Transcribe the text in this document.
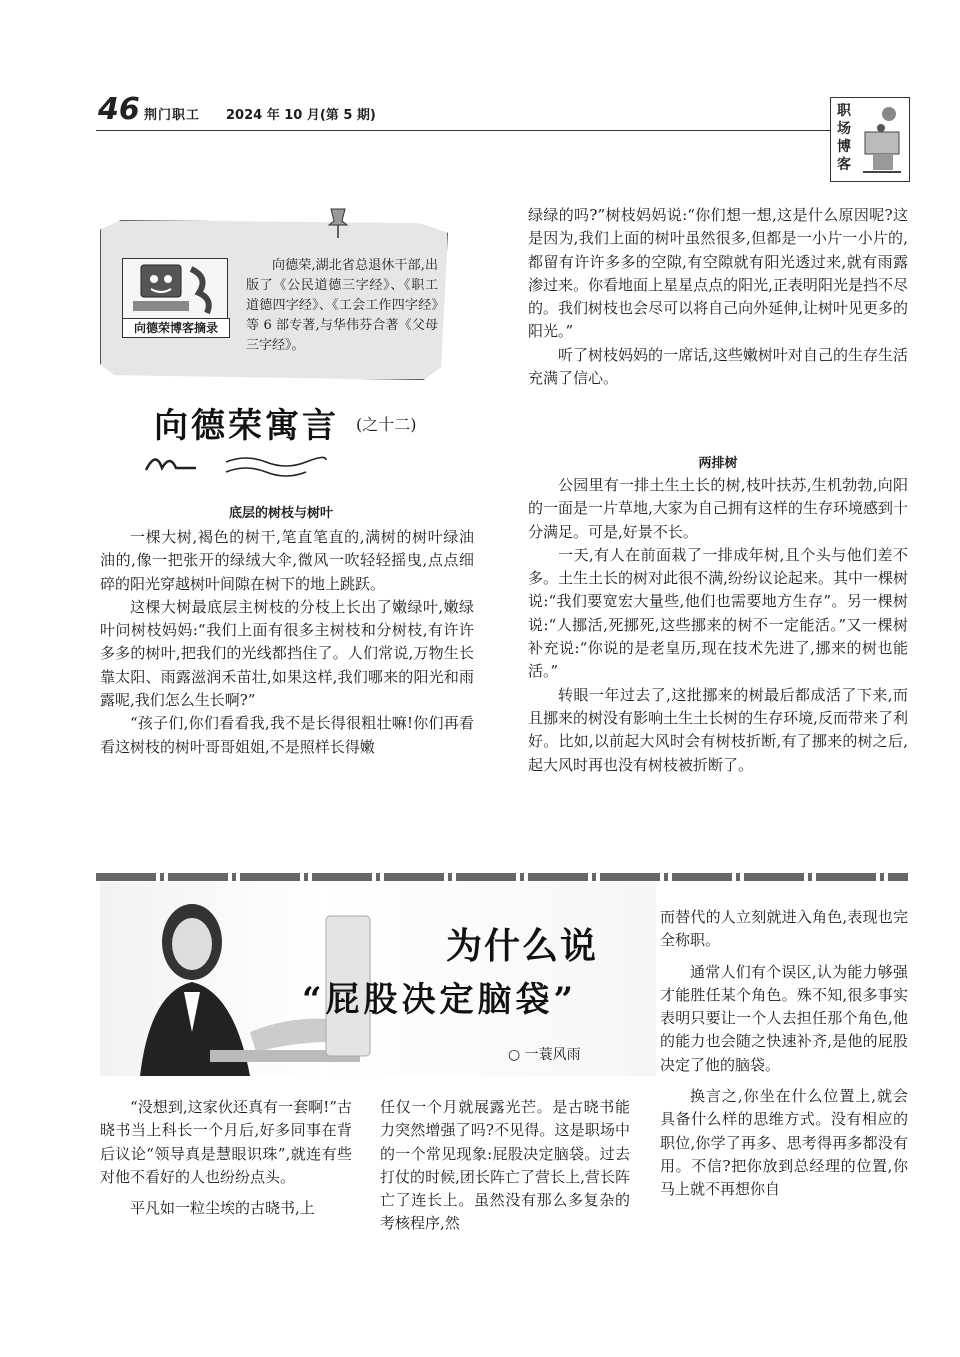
46 荆门职工 2024 年 10 月(第 5 期)	职场博客
向德荣博客摘录
向德荣,湖北省总退休干部,出版了《公民道德三字经》、《职工道德四字经》、《工会工作四字经》等 6 部专著,与华伟芬合著《父母三字经》。
向德荣寓言 (之十二)
底层的树枝与树叶

一棵大树,褐色的树干,笔直笔直的,满树的树叶绿油油的,像一把张开的绿绒大伞,微风一吹轻轻摇曳,点点细碎的阳光穿越树叶间隙在树下的地上跳跃。

这棵大树最底层主树枝的分枝上长出了嫩绿叶,嫩绿叶问树枝妈妈:“我们上面有很多主树枝和分树枝,有许许多多的树叶,把我们的光线都挡住了。人们常说,万物生长靠太阳、雨露滋润禾苗壮,如果这样,我们哪来的阳光和雨露呢,我们怎么生长啊?”

“孩子们,你们看看我,我不是长得很粗壮嘛!你们再看看这树枝的树叶哥哥姐姐,不是照样长得嫩

绿绿的吗?”树枝妈妈说:“你们想一想,这是什么原因呢?这是因为,我们上面的树叶虽然很多,但都是一小片一小片的,都留有许许多多的空隙,有空隙就有阳光透过来,就有雨露渗过来。你看地面上星星点点的阳光,正表明阳光是挡不尽的。我们树枝也会尽可以将自己向外延伸,让树叶见更多的阳光。”

听了树枝妈妈的一席话,这些嫩树叶对自己的生存生活充满了信心。

两排树

公园里有一排土生土长的树,枝叶扶苏,生机勃勃,向阳的一面是一片草地,大家为自己拥有这样的生存环境感到十分满足。可是,好景不长。

一天,有人在前面栽了一排成年树,且个头与他们差不多。土生土长的树对此很不满,纷纷议论起来。其中一棵树说:“我们要宽宏大量些,他们也需要地方生存”。另一棵树说:“人挪活,死挪死,这些挪来的树不一定能活。”又一棵树补充说:“你说的是老皇历,现在技术先进了,挪来的树也能活。”

转眼一年过去了,这批挪来的树最后都成活了下来,而且挪来的树没有影响土生土长树的生存环境,反而带来了利好。比如,以前起大风时会有树枝折断,有了挪来的树之后,起大风时再也没有树枝被折断了。

为什么说
“屁股决定脑袋”
○ 一蓑风雨

“没想到,这家伙还真有一套啊!”古晓书当上科长一个月后,好多同事在背后议论“领导真是慧眼识珠”,就连有些对他不看好的人也纷纷点头。

平凡如一粒尘埃的古晓书,上

任仅一个月就展露光芒。是古晓书能力突然增强了吗?不见得。这是职场中的一个常见现象:屁股决定脑袋。过去打仗的时候,团长阵亡了营长上,营长阵亡了连长上。虽然没有那么多复杂的考核程序,然

而替代的人立刻就进入角色,表现也完全称职。

通常人们有个误区,认为能力够强才能胜任某个角色。殊不知,很多事实表明只要让一个人去担任那个角色,他的能力也会随之快速补齐,是他的屁股决定了他的脑袋。

换言之,你坐在什么位置上,就会具备什么样的思维方式。没有相应的职位,你学了再多、思考得再多都没有用。不信?把你放到总经理的位置,你马上就不再想你自
